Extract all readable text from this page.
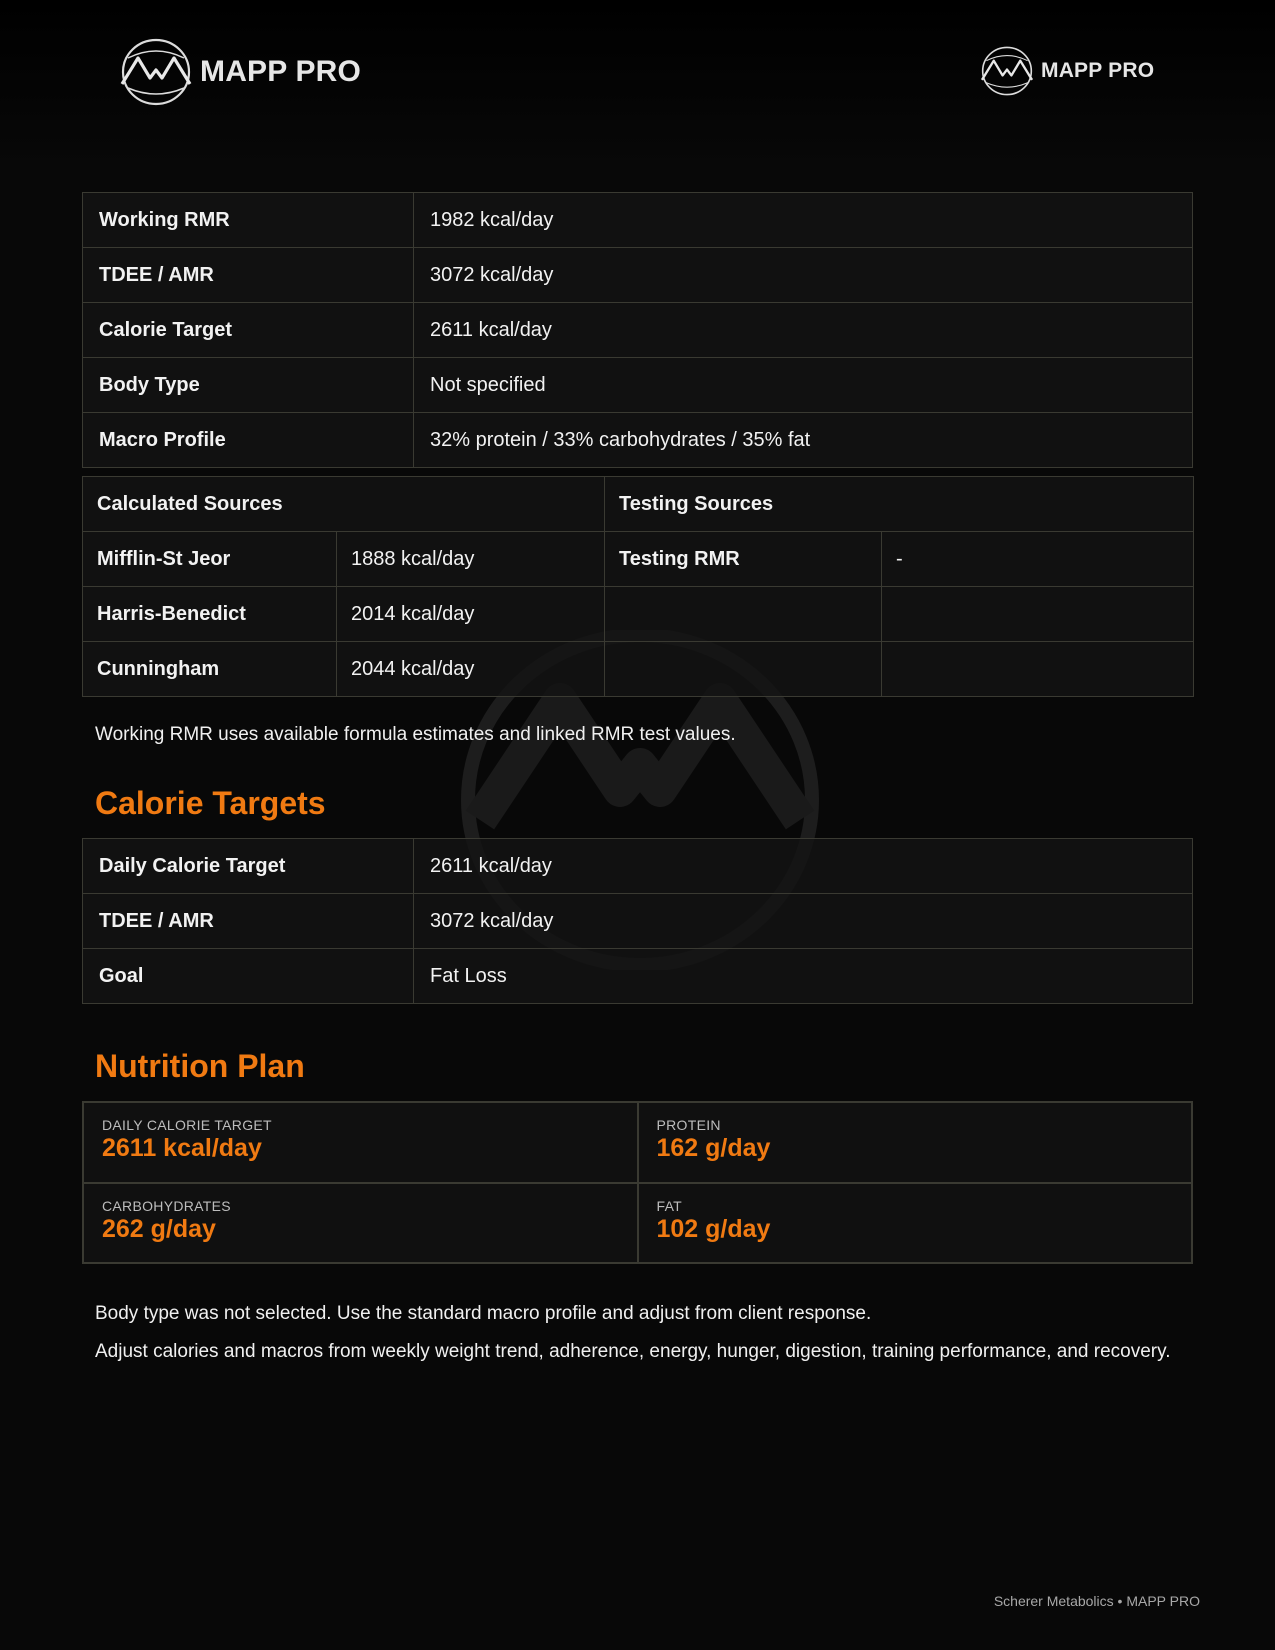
MAPP PRO	MAPP PRO
Working RMR	1982 kcal/day
TDEE / AMR	3072 kcal/day
Calorie Target	2611 kcal/day
Body Type	Not specified
Macro Profile	32% protein / 33% carbohydrates / 35% fat
Calculated Sources		Testing Sources	
Mifflin-St Jeor	1888 kcal/day	Testing RMR	-
Harris-Benedict	2014 kcal/day		
Cunningham	2044 kcal/day		
Working RMR uses available formula estimates and linked RMR test values.
Calorie Targets
Daily Calorie Target	2611 kcal/day
TDEE / AMR	3072 kcal/day
Goal	Fat Loss
Nutrition Plan
DAILY CALORIE TARGET
2611 kcal/day
PROTEIN
162 g/day
CARBOHYDRATES
262 g/day
FAT
102 g/day
Body type was not selected. Use the standard macro profile and adjust from client response.
Adjust calories and macros from weekly weight trend, adherence, energy, hunger, digestion, training performance, and recovery.
Scherer Metabolics • MAPP PRO
